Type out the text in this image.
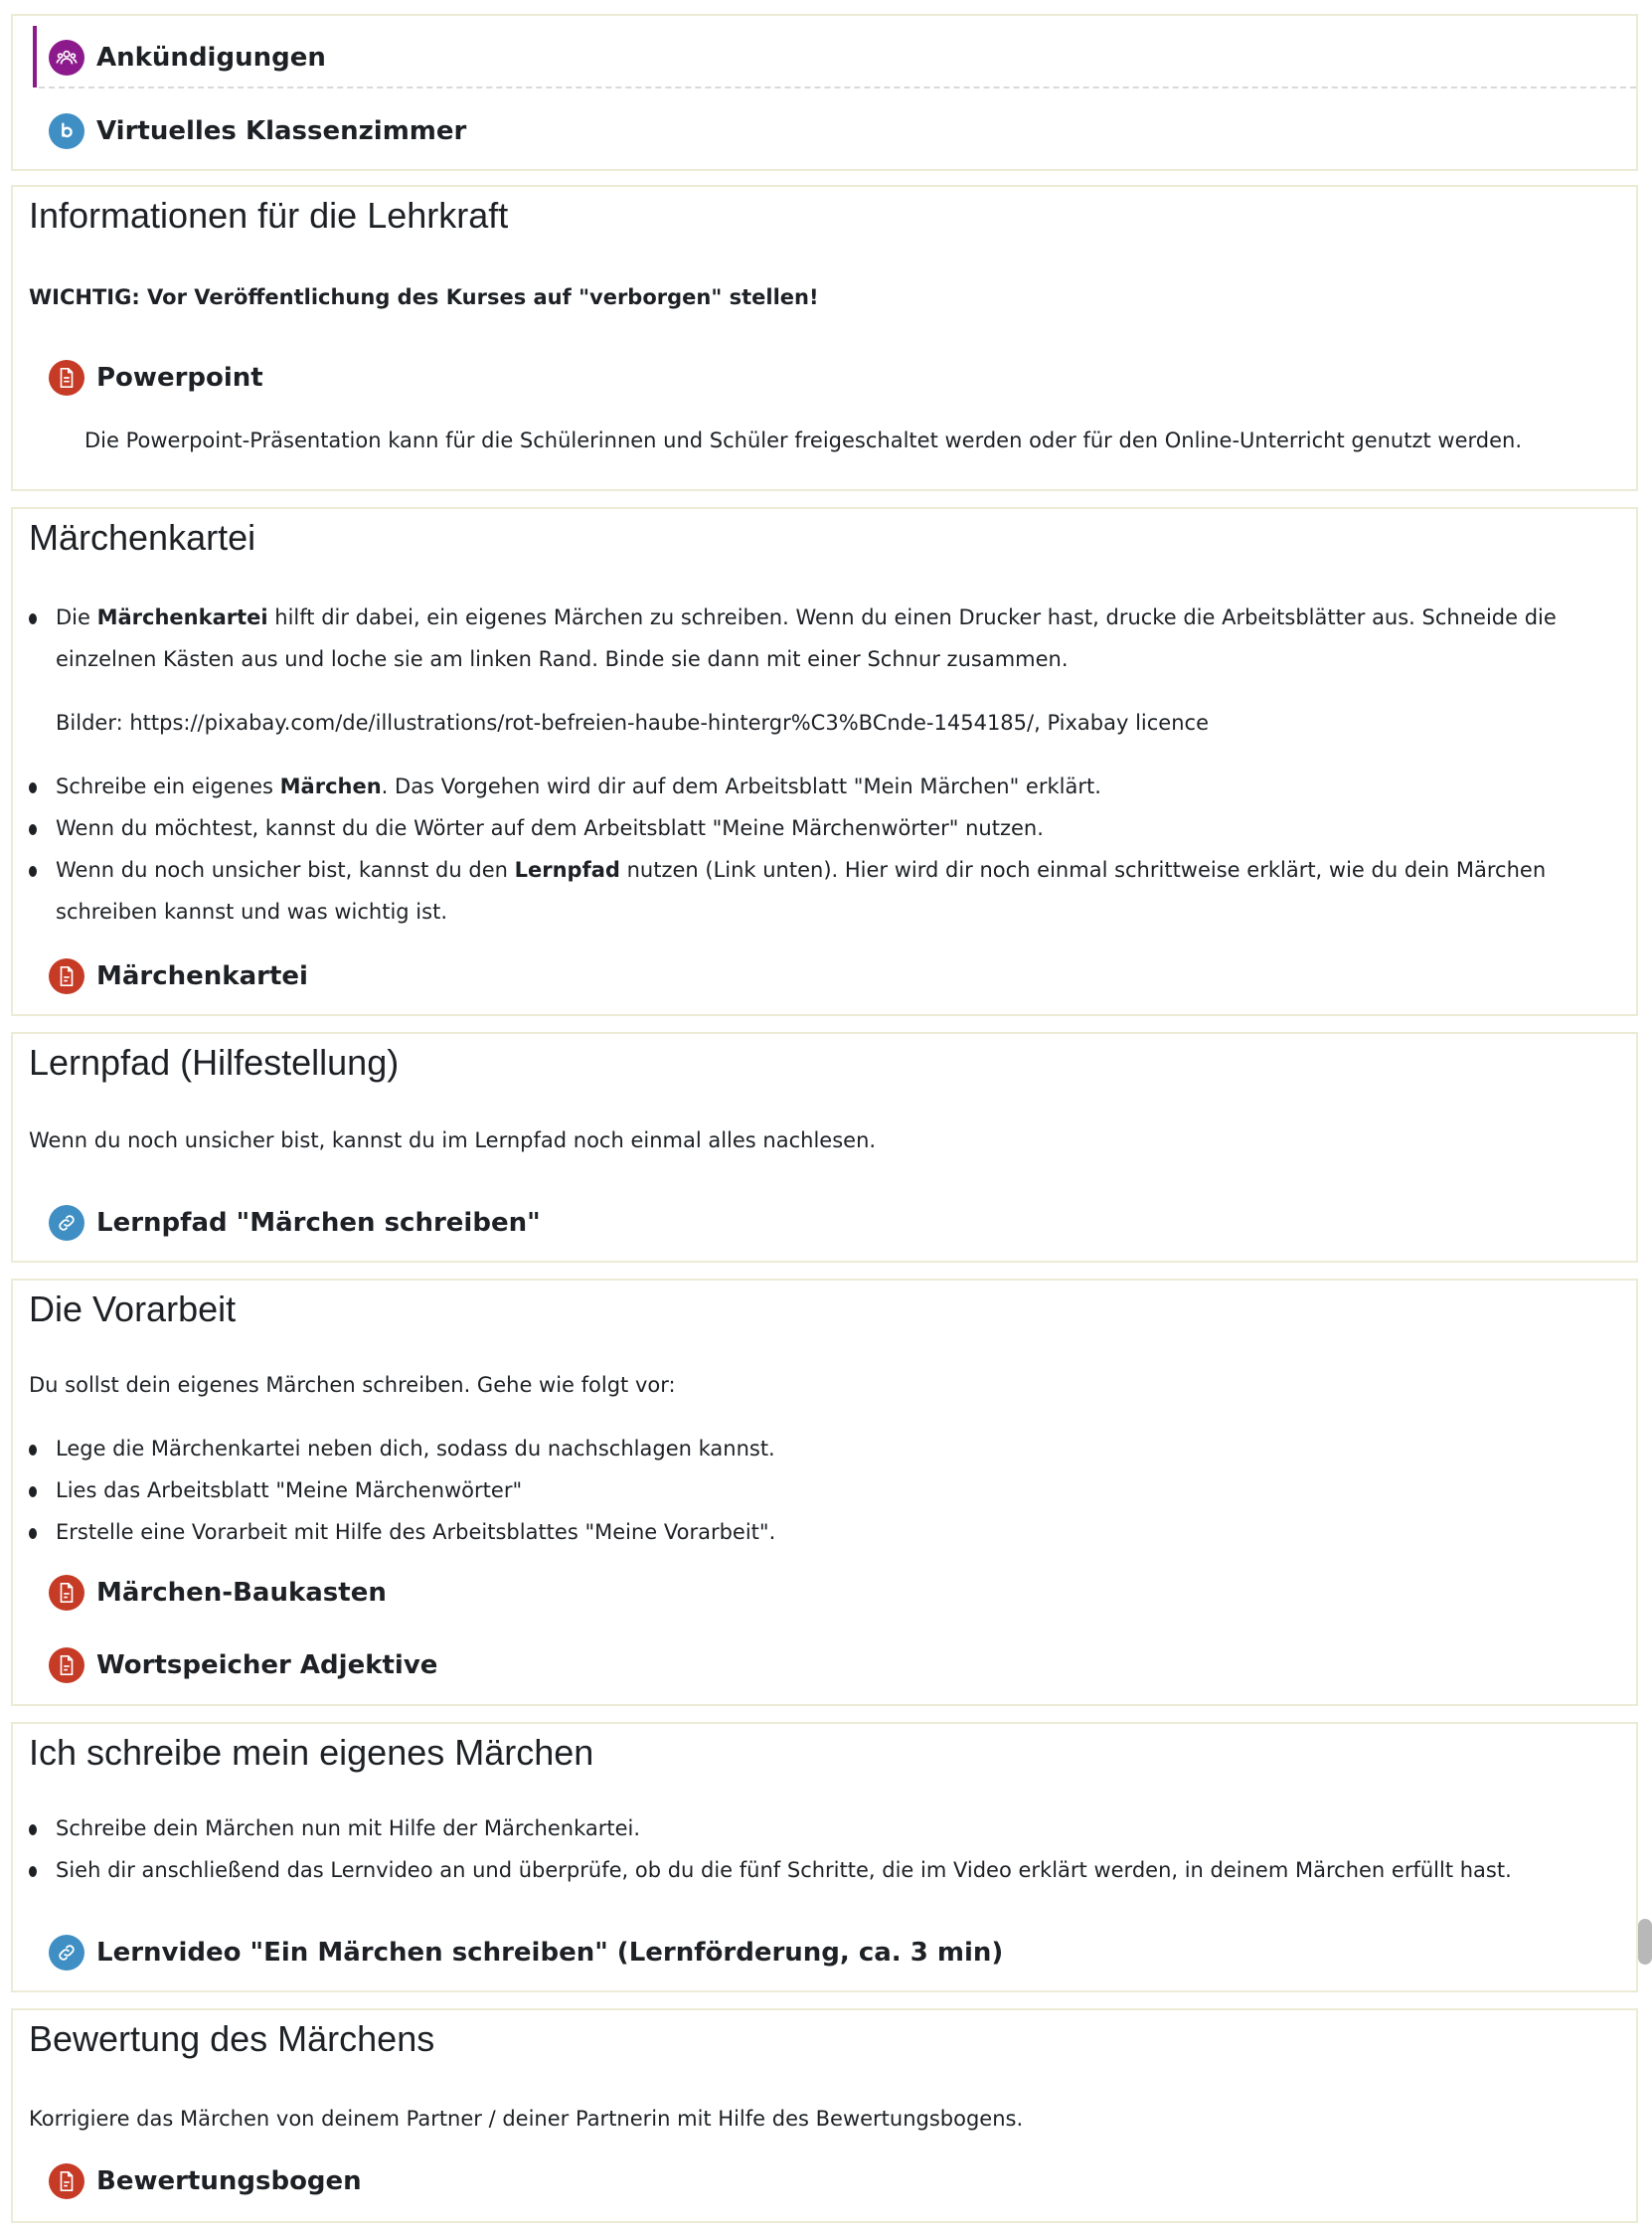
Ankündigungen
Virtuelles Klassenzimmer
Informationen für die Lehrkraft
WICHTIG: Vor Veröffentlichung des Kurses auf "verborgen" stellen!
Powerpoint
Die Powerpoint-Präsentation kann für die Schülerinnen und Schüler freigeschaltet werden oder für den Online-Unterricht genutzt werden.
Märchenkartei
Die Märchenkartei hilft dir dabei, ein eigenes Märchen zu schreiben. Wenn du einen Drucker hast, drucke die Arbeitsblätter aus. Schneide die einzelnen Kästen aus und loche sie am linken Rand. Binde sie dann mit einer Schnur zusammen.
Bilder: https://pixabay.com/de/illustrations/rot-befreien-haube-hintergr%C3%BCnde-1454185/, Pixabay licence
Schreibe ein eigenes Märchen. Das Vorgehen wird dir auf dem Arbeitsblatt "Mein Märchen" erklärt.
Wenn du möchtest, kannst du die Wörter auf dem Arbeitsblatt "Meine Märchenwörter" nutzen.
Wenn du noch unsicher bist, kannst du den Lernpfad nutzen (Link unten). Hier wird dir noch einmal schrittweise erklärt, wie du dein Märchen schreiben kannst und was wichtig ist.
Märchenkartei
Lernpfad (Hilfestellung)
Wenn du noch unsicher bist, kannst du im Lernpfad noch einmal alles nachlesen.
Lernpfad "Märchen schreiben"
Die Vorarbeit
Du sollst dein eigenes Märchen schreiben. Gehe wie folgt vor:
Lege die Märchenkartei neben dich, sodass du nachschlagen kannst.
Lies das Arbeitsblatt "Meine Märchenwörter"
Erstelle eine Vorarbeit mit Hilfe des Arbeitsblattes "Meine Vorarbeit".
Märchen-Baukasten
Wortspeicher Adjektive
Ich schreibe mein eigenes Märchen
Schreibe dein Märchen nun mit Hilfe der Märchenkartei.
Sieh dir anschließend das Lernvideo an und überprüfe, ob du die fünf Schritte, die im Video erklärt werden, in deinem Märchen erfüllt hast.
Lernvideo "Ein Märchen schreiben" (Lernförderung, ca. 3 min)
Bewertung des Märchens
Korrigiere das Märchen von deinem Partner / deiner Partnerin mit Hilfe des Bewertungsbogens.
Bewertungsbogen
